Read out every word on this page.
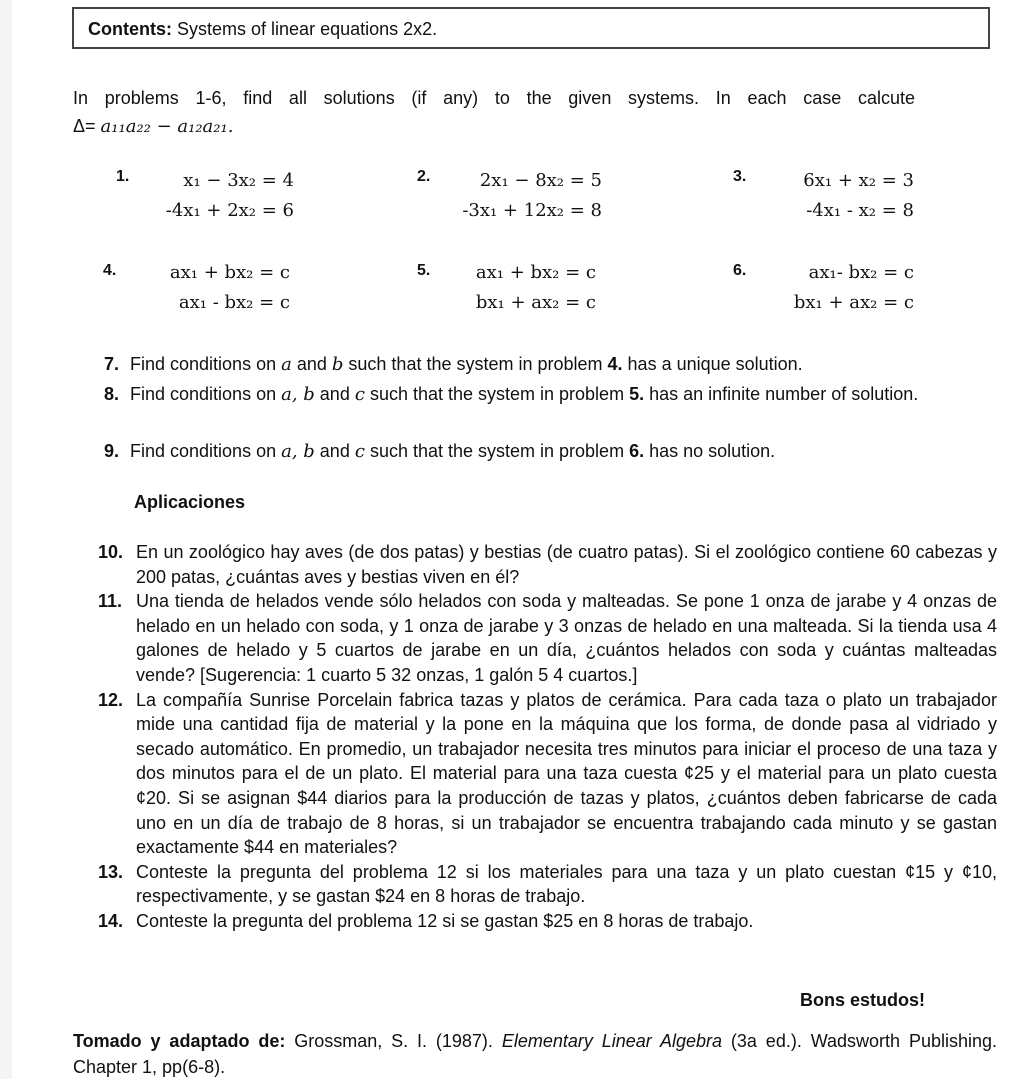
Contents: Systems of linear equations 2x2.
In problems 1-6, find all solutions (if any) to the given systems. In each case calcute
Δ= a₁₁a₂₂ − a₁₂a₂₁.
1.	x₁ − 3x₂ = 4
-4x₁ + 2x₂ = 6
2.	2x₁ − 8x₂ = 5
-3x₁ + 12x₂ = 8
3.	6x₁ + x₂ = 3
-4x₁ - x₂ = 8
4.	ax₁ + bx₂ = c
ax₁ - bx₂ = c
5.	ax₁ + bx₂ = c
bx₁ + ax₂ = c
6.	ax₁- bx₂ = c
bx₁ + ax₂ = c
7. Find conditions on a and b such that the system in problem 4. has a unique solution.
8. Find conditions on a, b and c such that the system in problem 5. has an infinite number of solution.
9. Find conditions on a, b and c such that the system in problem 6. has no solution.
Aplicaciones
10. En un zoológico hay aves (de dos patas) y bestias (de cuatro patas). Si el zoológico contiene 60 cabezas y 200 patas, ¿cuántas aves y bestias viven en él?
11. Una tienda de helados vende sólo helados con soda y malteadas. Se pone 1 onza de jarabe y 4 onzas de helado en un helado con soda, y 1 onza de jarabe y 3 onzas de helado en una malteada. Si la tienda usa 4 galones de helado y 5 cuartos de jarabe en un día, ¿cuántos helados con soda y cuántas malteadas vende? [Sugerencia: 1 cuarto 5 32 onzas, 1 galón 5 4 cuartos.]
12. La compañía Sunrise Porcelain fabrica tazas y platos de cerámica. Para cada taza o plato un trabajador mide una cantidad fija de material y la pone en la máquina que los forma, de donde pasa al vidriado y secado automático. En promedio, un trabajador necesita tres minutos para iniciar el proceso de una taza y dos minutos para el de un plato. El material para una taza cuesta ¢25 y el material para un plato cuesta ¢20. Si se asignan $44 diarios para la producción de tazas y platos, ¿cuántos deben fabricarse de cada uno en un día de trabajo de 8 horas, si un trabajador se encuentra trabajando cada minuto y se gastan exactamente $44 en materiales?
13. Conteste la pregunta del problema 12 si los materiales para una taza y un plato cuestan ¢15 y ¢10, respectivamente, y se gastan $24 en 8 horas de trabajo.
14. Conteste la pregunta del problema 12 si se gastan $25 en 8 horas de trabajo.
Bons estudos!
Tomado y adaptado de: Grossman, S. I. (1987). Elementary Linear Algebra (3a ed.). Wadsworth Publishing. Chapter 1, pp(6-8).
